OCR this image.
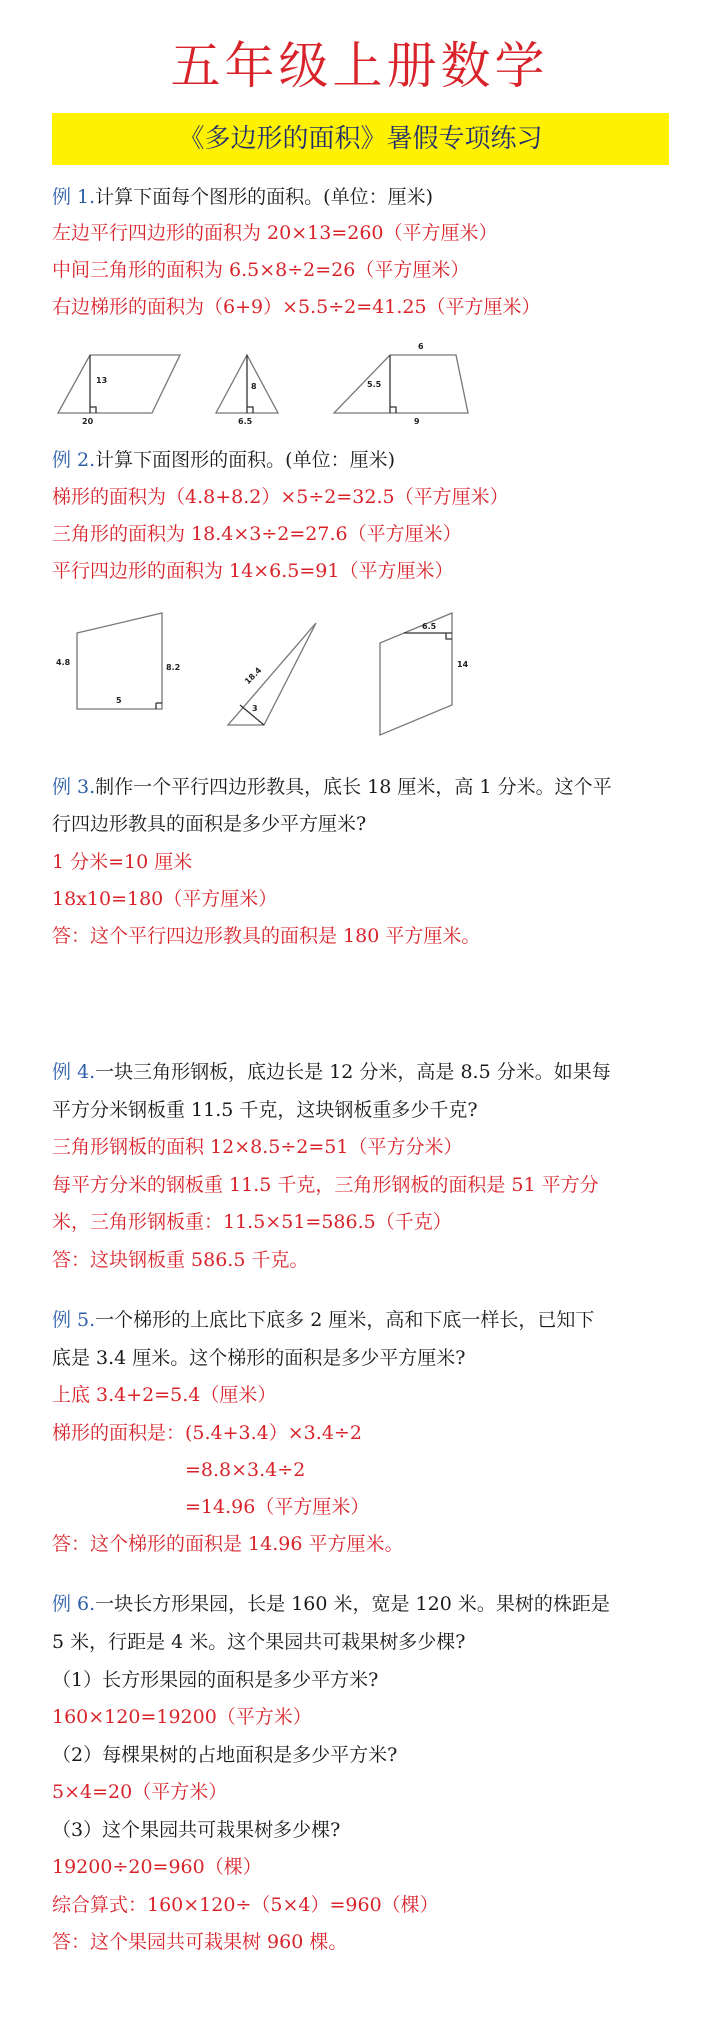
五年级上册数学
《多边形的面积》暑假专项练习
例 1.计算下面每个图形的面积。(单位：厘米)
左边平行四边形的面积为 20×13=260（平方厘米）
中间三角形的面积为 6.5×8÷2=26（平方厘米）
右边梯形的面积为（6+9）×5.5÷2=41.25（平方厘米）
13
20
8
6.5
6
5.5
9
例 2.计算下面图形的面积。(单位：厘米)
梯形的面积为（4.8+8.2）×5÷2=32.5（平方厘米）
三角形的面积为 18.4×3÷2=27.6（平方厘米）
平行四边形的面积为 14×6.5=91（平方厘米）
4.8
8.2
5
18.4
3
6.5
14
例 3.制作一个平行四边形教具，底长 18 厘米，高 1 分米。这个平
行四边形教具的面积是多少平方厘米?
1 分米=10 厘米
18x10=180（平方厘米）
答：这个平行四边形教具的面积是 180 平方厘米。
例 4.一块三角形钢板，底边长是 12 分米，高是 8.5 分米。如果每
平方分米钢板重 11.5 千克，这块钢板重多少千克?
三角形钢板的面积 12×8.5÷2=51（平方分米）
每平方分米的钢板重 11.5 千克，三角形钢板的面积是 51 平方分
米，三角形钢板重：11.5×51=586.5（千克）
答：这块钢板重 586.5 千克。
例 5.一个梯形的上底比下底多 2 厘米，高和下底一样长，已知下
底是 3.4 厘米。这个梯形的面积是多少平方厘米?
上底 3.4+2=5.4（厘米）
梯形的面积是：(5.4+3.4）×3.4÷2
=8.8×3.4÷2
=14.96（平方厘米）
答：这个梯形的面积是 14.96 平方厘米。
例 6.一块长方形果园，长是 160 米，宽是 120 米。果树的株距是
5 米，行距是 4 米。这个果园共可栽果树多少棵?
（1）长方形果园的面积是多少平方米?
160×120=19200（平方米）
（2）每棵果树的占地面积是多少平方米?
5×4=20（平方米）
（3）这个果园共可栽果树多少棵?
19200÷20=960（棵）
综合算式：160×120÷（5×4）=960（棵）
答：这个果园共可栽果树 960 棵。
